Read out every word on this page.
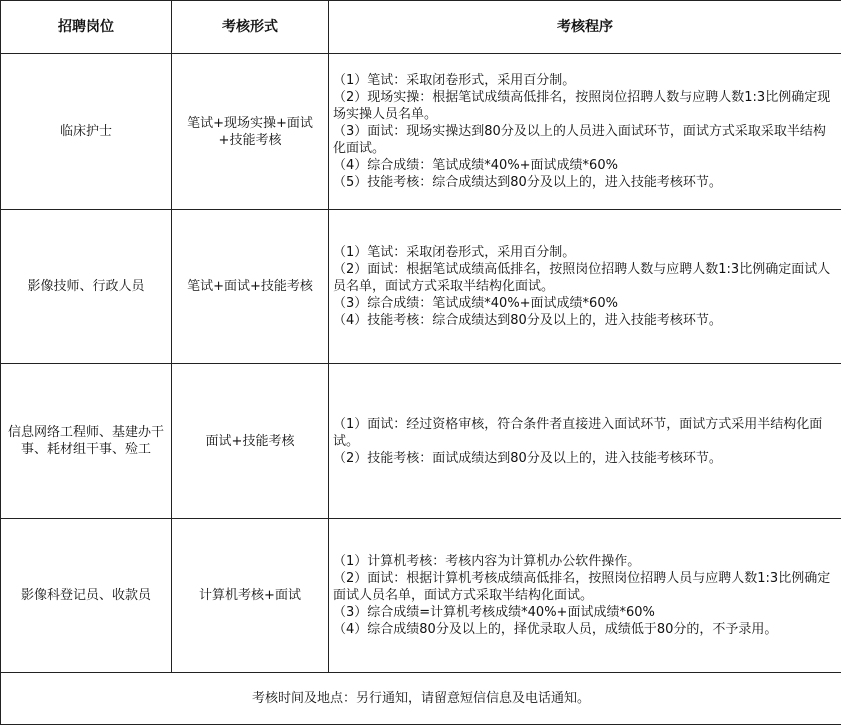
招聘岗位	考核形式	考核程序
临床护士	笔试+现场实操+面试+技能考核	（1）笔试：采取闭卷形式，采用百分制。
（2）现场实操：根据笔试成绩高低排名，按照岗位招聘人数与应聘人数1:3比例确定现场实操人员名单。
（3）面试：现场实操达到80分及以上的人员进入面试环节，面试方式采取采取半结构化面试。
（4）综合成绩：笔试成绩*40%+面试成绩*60%
（5）技能考核：综合成绩达到80分及以上的，进入技能考核环节。

影像技师、行政人员	笔试+面试+技能考核	（1）笔试：采取闭卷形式，采用百分制。
（2）面试：根据笔试成绩高低排名，按照岗位招聘人数与应聘人数1:3比例确定面试人员名单，面试方式采取半结构化面试。
（3）综合成绩：笔试成绩*40%+面试成绩*60%
（4）技能考核：综合成绩达到80分及以上的，进入技能考核环节。

信息网络工程师、基建办干事、耗材组干事、殓工	面试+技能考核	（1）面试：经过资格审核，符合条件者直接进入面试环节，面试方式采用半结构化面试。
（2）技能考核：面试成绩达到80分及以上的，进入技能考核环节。

影像科登记员、收款员	计算机考核+面试	（1）计算机考核：考核内容为计算机办公软件操作。
（2）面试：根据计算机考核成绩高低排名，按照岗位招聘人员与应聘人数1:3比例确定面试人员名单，面试方式采取半结构化面试。
（3）综合成绩=计算机考核成绩*40%+面试成绩*60%
（4）综合成绩80分及以上的，择优录取人员，成绩低于80分的，不予录用。

考核时间及地点：另行通知，请留意短信信息及电话通知。		
